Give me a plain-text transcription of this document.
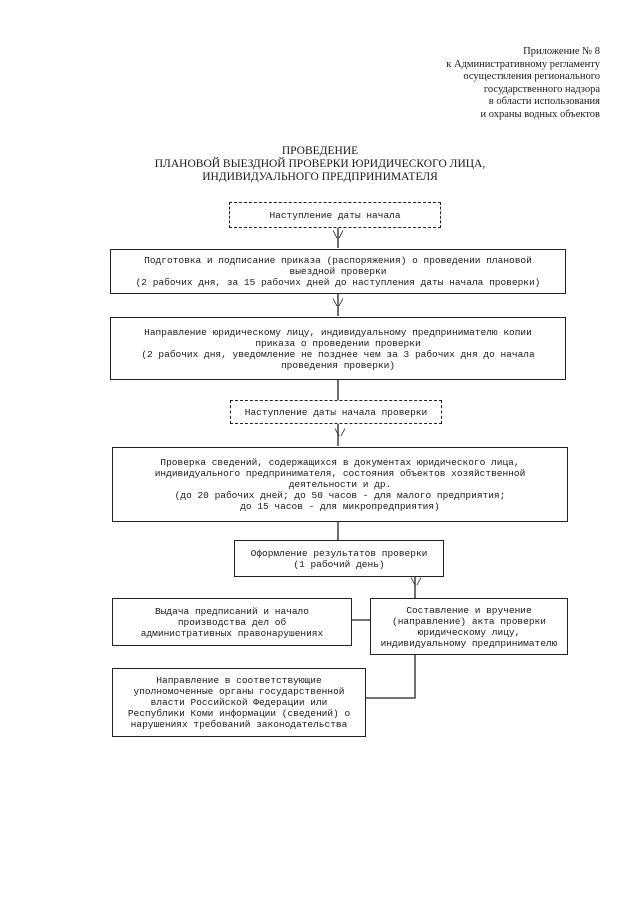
Приложение № 8
к Административному регламенту
осуществления регионального
государственного надзора
в области использования
и охраны водных объектов
ПРОВЕДЕНИЕ
ПЛАНОВОЙ ВЫЕЗДНОЙ ПРОВЕРКИ ЮРИДИЧЕСКОГО ЛИЦА,
ИНДИВИДУАЛЬНОГО ПРЕДПРИНИМАТЕЛЯ
Наступление даты начала
\/
Подготовка и подписание приказа (распоряжения) о проведении плановой
выездной проверки
(2 рабочих дня, за 15 рабочих дней до наступления даты начала проверки)
\/
Направление юридическому лицу, индивидуальному предпринимателю копии
приказа о проведении проверки
(2 рабочих дня, уведомление не позднее чем за 3 рабочих дня до начала
проведения проверки)
Наступление даты начала проверки
\/
Проверка сведений, содержащихся в документах юридического лица,
индивидуального предпринимателя, состояния объектов хозяйственной
деятельности и др.
(до 20 рабочих дней; до 50 часов - для малого предприятия;
до 15 часов - для микропредприятия)
Оформление результатов проверки
(1 рабочий день)
\/
Выдача предписаний и начало
производства дел об
административных правонарушениях
Составление и вручение
(направление) акта проверки
юридическому лицу,
индивидуальному предпринимателю
Направление в соответствующие
уполномоченные органы государственной
власти Российской Федерации или
Республики Коми информации (сведений) о
нарушениях требований законодательства
